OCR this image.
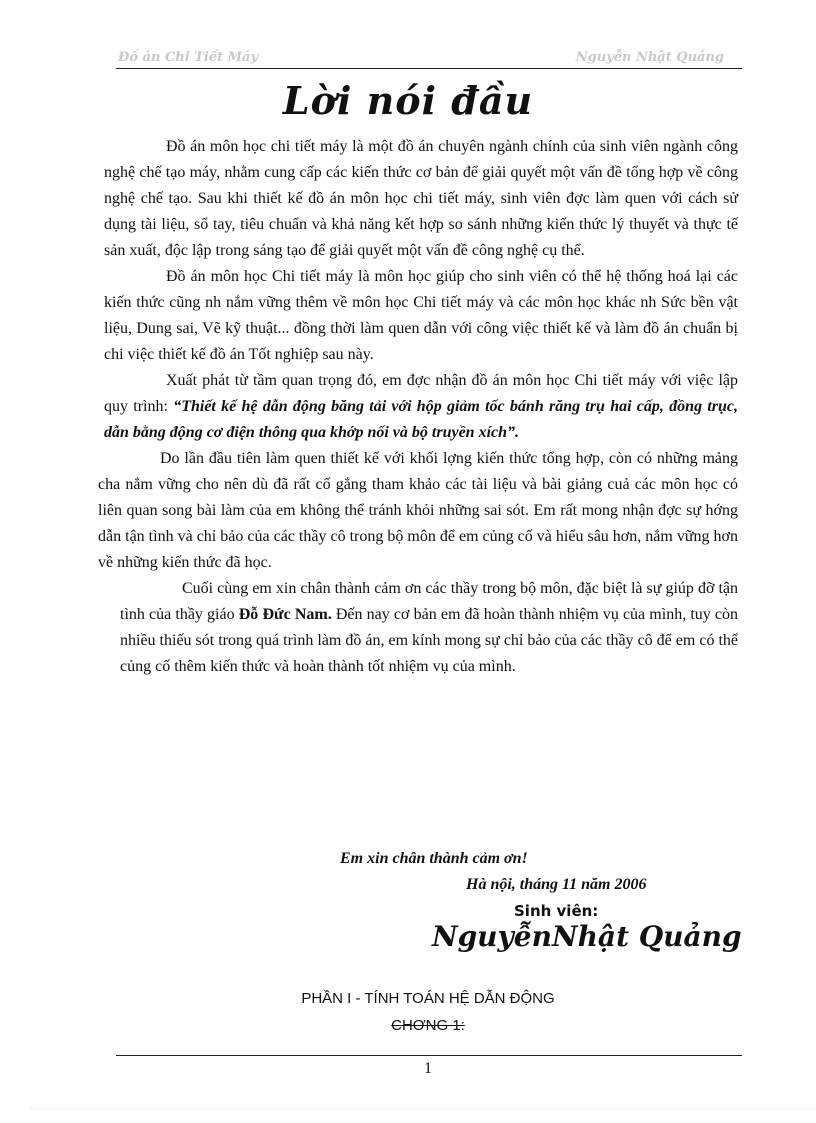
Đồ án Chi Tiết Máy	Nguyễn Nhật Quảng
Lời nói đầu

Đồ án môn học chi tiết máy là một đồ án chuyên ngành chính của sinh viên ngành công nghệ chế tạo máy, nhằm cung cấp các kiến thức cơ bản để giải quyết một vấn đề tổng hợp về công nghệ chế tạo. Sau khi thiết kế đồ án môn học chi tiết máy, sinh viên đợc làm quen với cách sử dụng tài liệu, sổ tay, tiêu chuẩn và khả năng kết hợp so sánh những kiến thức lý thuyết và thực tế sản xuất, độc lập trong sáng tạo để giải quyết một vấn đề công nghệ cụ thể.

Đồ án môn học Chi tiết máy là môn học giúp cho sinh viên có thể hệ thống hoá lại các kiến thức cũng nh nắm vững thêm về môn học Chi tiết máy và các môn học khác nh Sức bền vật liệu, Dung sai, Vẽ kỹ thuật... đồng thời làm quen dẫn với công việc thiết kế và làm đồ án chuẩn bị chi việc thiết kế đồ án Tốt nghiệp sau này.

Xuất phát từ tầm quan trọng đó, em đợc nhận đồ án môn học Chi tiết máy với việc lập quy trình: “Thiết kế hệ dẫn động băng tải với hộp giảm tốc bánh răng trụ hai cấp, đồng trục, dẫn bằng động cơ điện thông qua khớp nối và bộ truyền xích”.

Do lần đầu tiên làm quen thiết kế với khối lợng kiến thức tổng hợp, còn có những mảng cha nắm vững cho nên dù đã rất cố gắng tham khảo các tài liệu và bài giảng cuả các môn học có liên quan song bài làm của em không thể tránh khỏi những sai sót. Em rất mong nhận đợc sự hớng dẫn tận tình và chỉ bảo của các thầy cô trong bộ môn để em củng cố và hiểu sâu hơn, nắm vững hơn về những kiến thức đã học.

Cuối cùng em xin chân thành cảm ơn các thầy trong bộ môn, đặc biệt là sự giúp đỡ tận tình của thầy giáo Đỗ Đức Nam. Đến nay cơ bản em đã hoàn thành nhiệm vụ của mình, tuy còn nhiều thiếu sót trong quá trình làm đồ án, em kính mong sự chỉ bảo của các thầy cô để em có thể củng cố thêm kiến thức và hoàn thành tốt nhiệm vụ của mình.

Em xin chân thành cảm ơn!
Hà nội, tháng 11 năm 2006
Sinh viên:
NguyễnNhật Quảng
PHẦN I - TÍNH TOÁN HỆ DẪN ĐỘNG
CHƠNG 1:
1
